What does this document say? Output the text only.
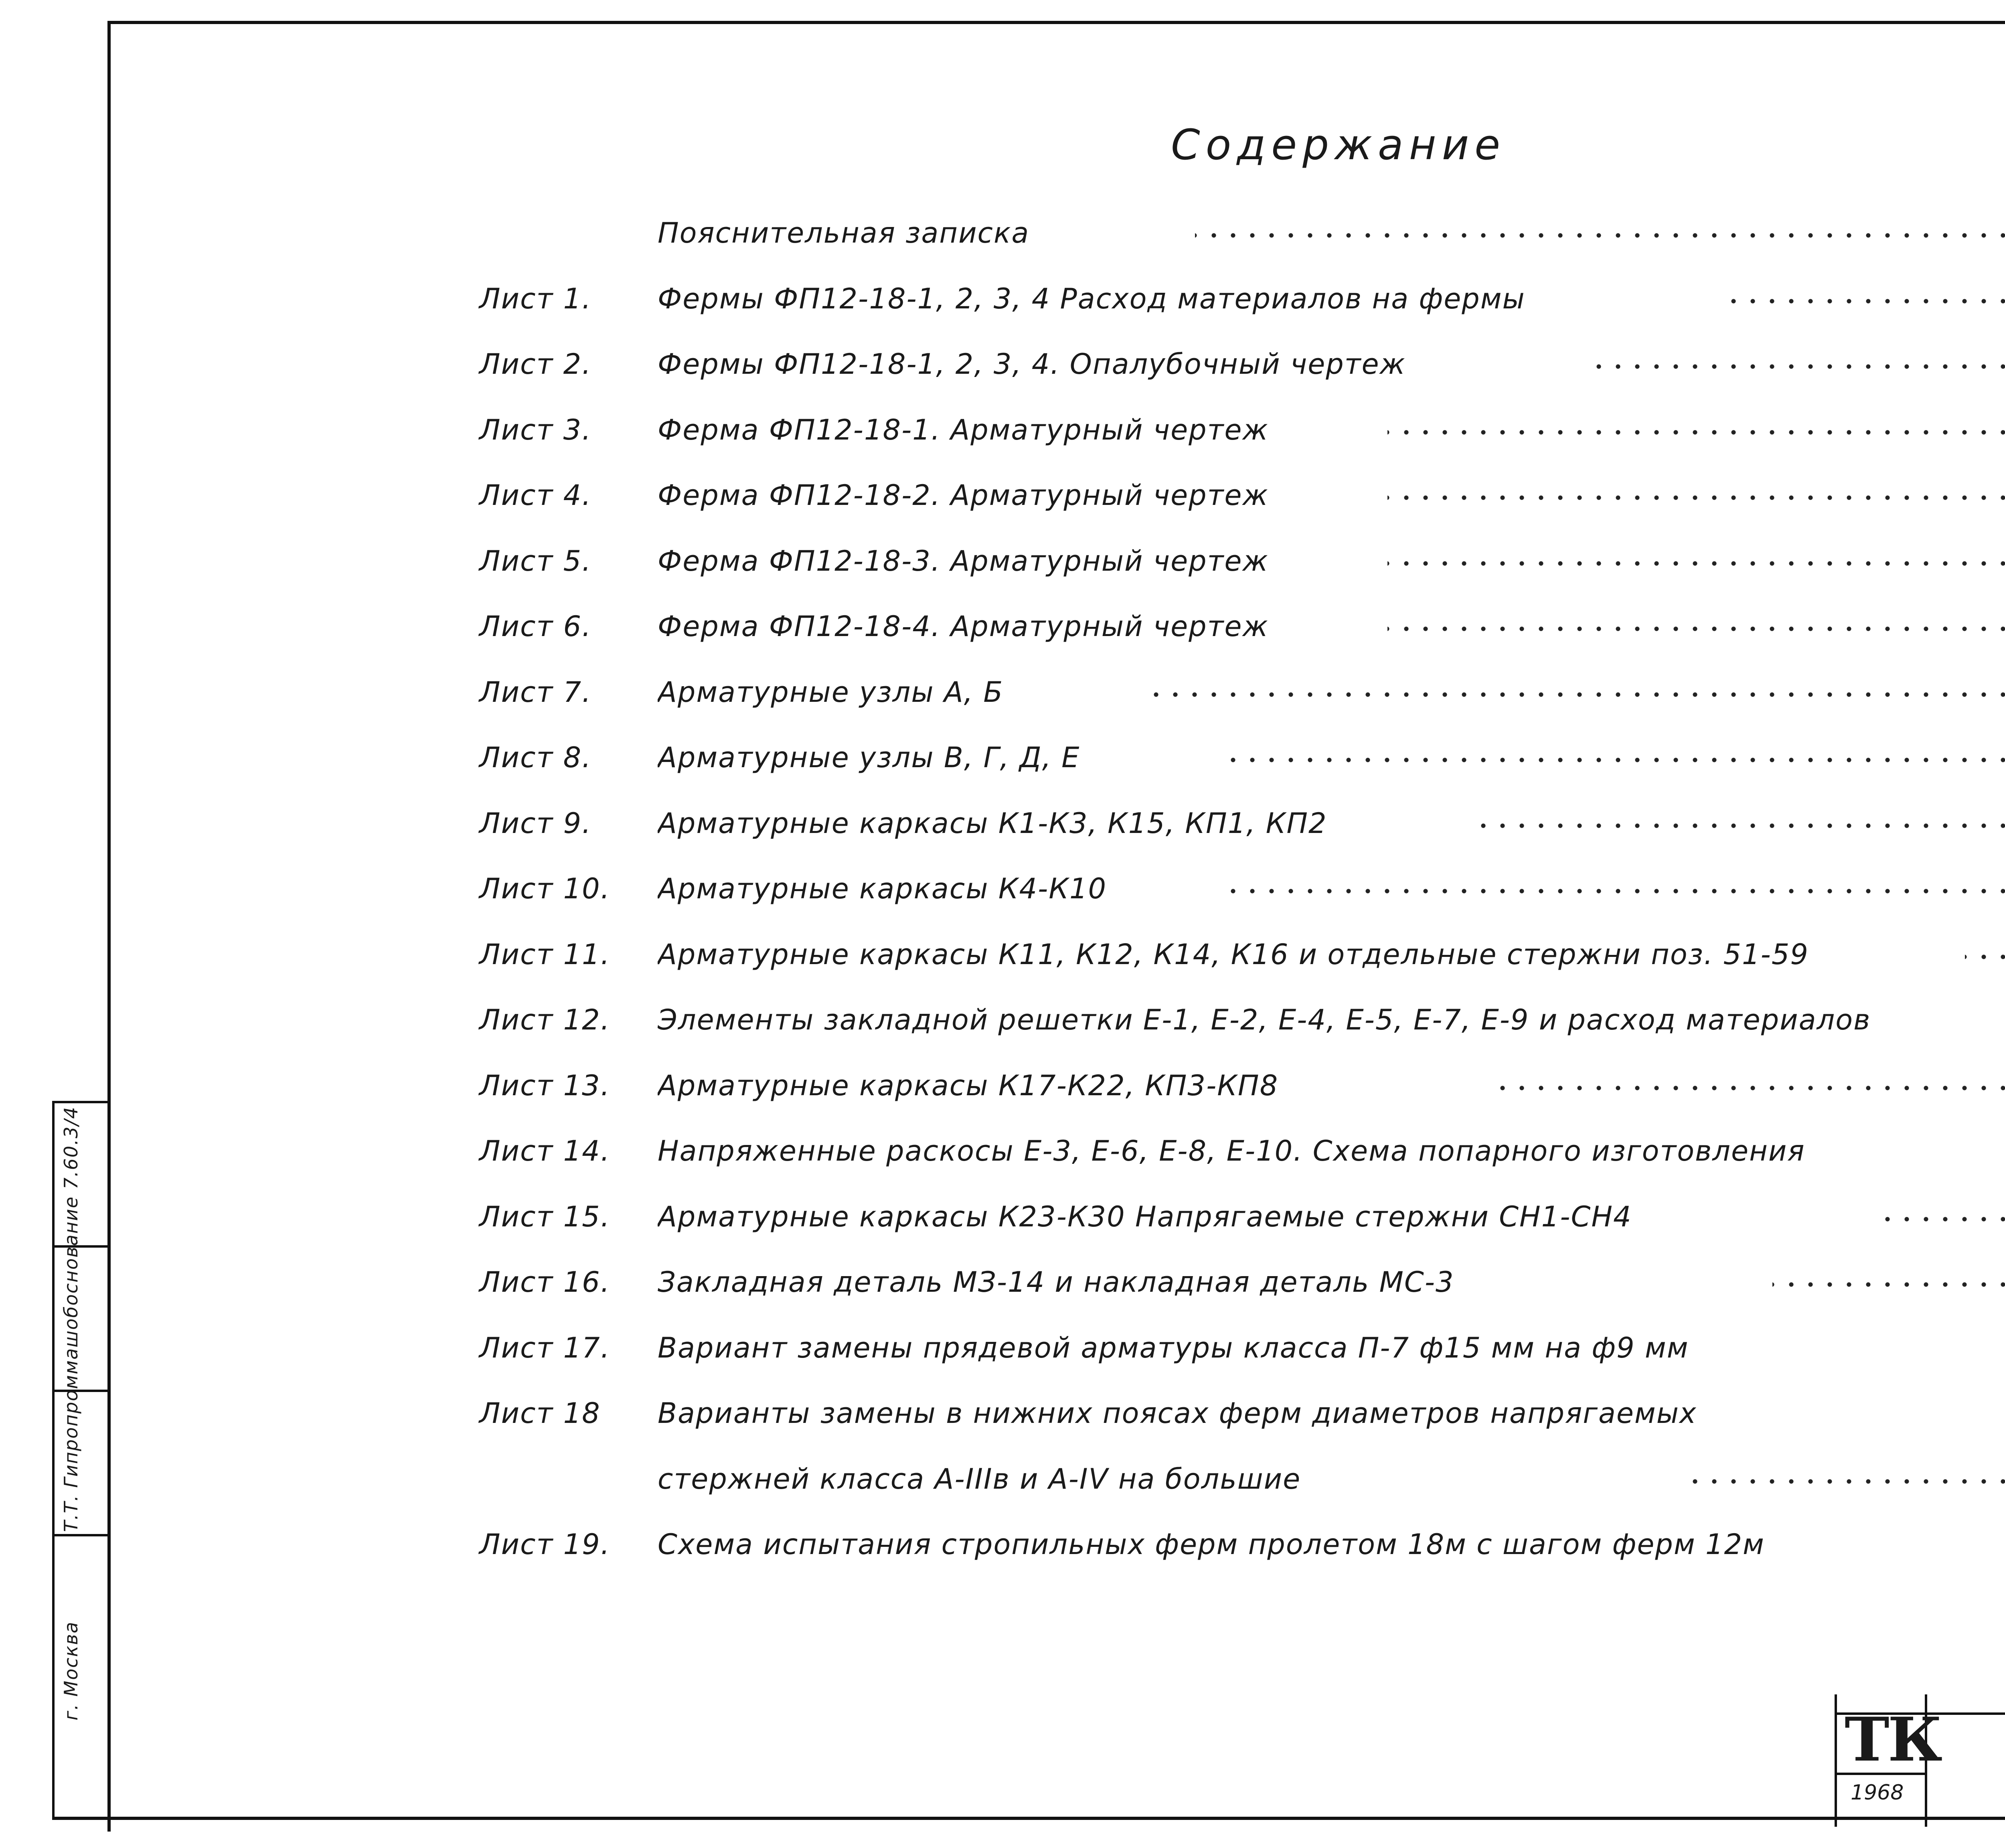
Т.Т. Гипропроммашобоснование 7.60.3/4
г. Москва
Содержание
Пояснительная записка
Лист 1. Фермы ФП12-18-1, 2, 3, 4 Расход материалов на фермы
Лист 2. Фермы ФП12-18-1, 2, 3, 4. Опалубочный чертеж
Лист 3. Ферма ФП12-18-1. Арматурный чертеж
Лист 4. Ферма ФП12-18-2. Арматурный чертеж
Лист 5. Ферма ФП12-18-3. Арматурный чертеж
Лист 6. Ферма ФП12-18-4. Арматурный чертеж
Лист 7. Арматурные узлы А, Б
Лист 8. Арматурные узлы В, Г, Д, Е
Лист 9. Арматурные каркасы К1-К3, К15, КП1, КП2
Лист 10. Арматурные каркасы К4-К10
Лист 11. Арматурные каркасы К11, К12, К14, К16 и отдельные стержни поз. 51-59
Лист 12. Элементы закладной решетки Е-1, Е-2, Е-4, Е-5, Е-7, Е-9 и расход материалов
Лист 13. Арматурные каркасы К17-К22, КП3-КП8
Лист 14. Напряженные раскосы Е-3, Е-6, Е-8, Е-10. Схема попарного изготовления
Лист 15. Арматурные каркасы К23-К30 Напрягаемые стержни СН1-СН4
Лист 16. Закладная деталь МЗ-14 и накладная деталь МС-3
Лист 17. Вариант замены прядевой арматуры класса П-7 ф15 мм на ф9 мм
Лист 18 Варианты замены в нижних поясах ферм диаметров напрягаемых
стержней класса А-IIIв и А-IV на большие
Лист 19. Схема испытания стропильных ферм пролетом 18м с шагом ферм 12м
ТК
1968
